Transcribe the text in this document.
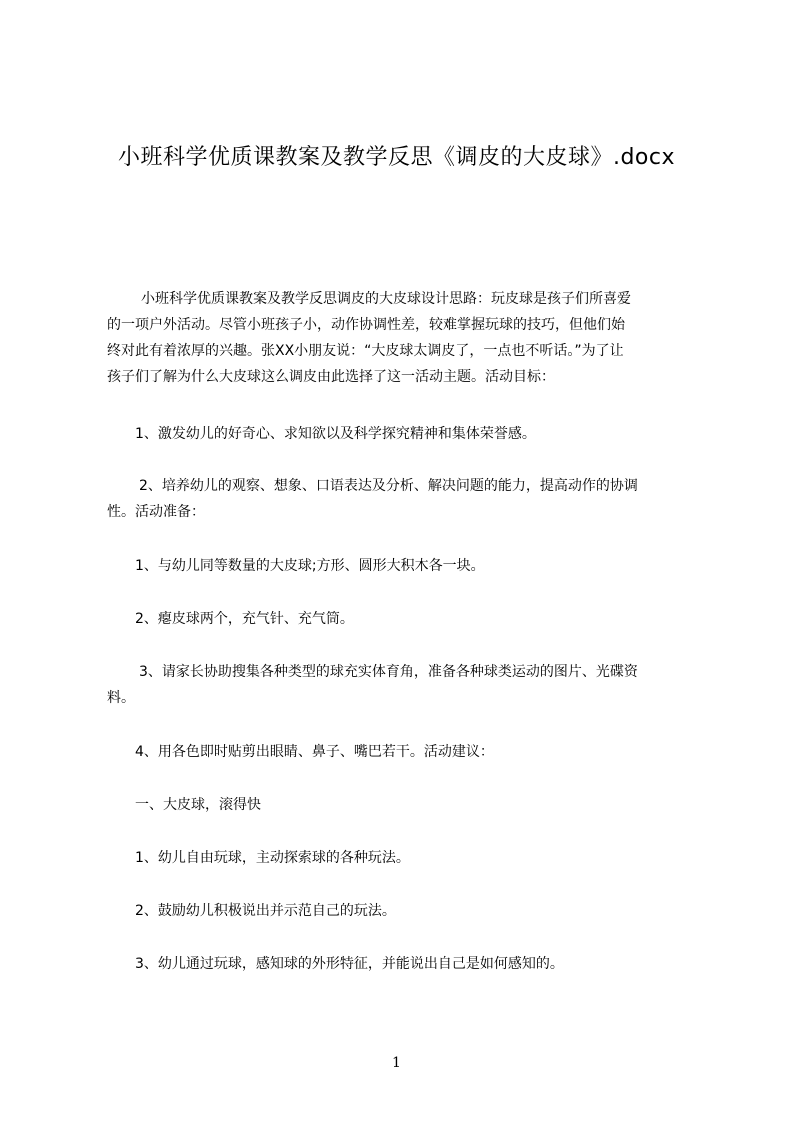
小班科学优质课教案及教学反思《调皮的大皮球》.docx
小班科学优质课教案及教学反思调皮的大皮球设计思路：玩皮球是孩子们所喜爱
的一项户外活动。尽管小班孩子小，动作协调性差，较难掌握玩球的技巧，但他们始
终对此有着浓厚的兴趣。张XX小朋友说：“大皮球太调皮了，一点也不听话。”为了让
孩子们了解为什么大皮球这么调皮由此选择了这一活动主题。活动目标：
1、激发幼儿的好奇心、求知欲以及科学探究精神和集体荣誉感。
2、培养幼儿的观察、想象、口语表达及分析、解决问题的能力，提高动作的协调
性。活动准备：
1、与幼儿同等数量的大皮球;方形、圆形大积木各一块。
2、瘪皮球两个，充气针、充气筒。
3、请家长协助搜集各种类型的球充实体育角，准备各种球类运动的图片、光碟资
料。
4、用各色即时贴剪出眼睛、鼻子、嘴巴若干。活动建议：
一、大皮球，滚得快
1、幼儿自由玩球，主动探索球的各种玩法。
2、鼓励幼儿积极说出并示范自己的玩法。
3、幼儿通过玩球，感知球的外形特征，并能说出自己是如何感知的。
1
